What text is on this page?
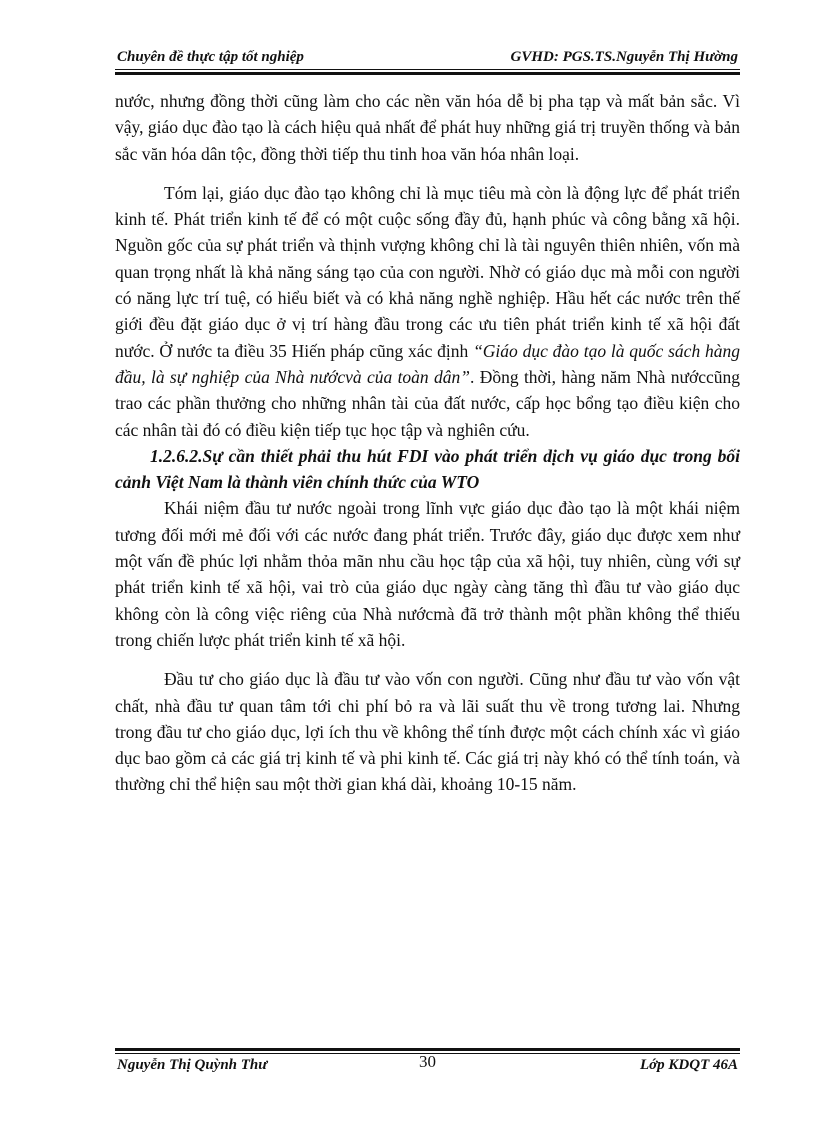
Chuyên đề thực tập tốt nghiệp	GVHD: PGS.TS.Nguyễn Thị Hường

nước, nhưng đồng thời cũng làm cho các nền văn hóa dễ bị pha tạp và mất bản sắc. Vì vậy, giáo dục đào tạo là cách hiệu quả nhất để phát huy những giá trị truyền thống và bản sắc văn hóa dân tộc, đồng thời tiếp thu tinh hoa văn hóa nhân loại.

Tóm lại, giáo dục đào tạo không chỉ là mục tiêu mà còn là động lực để phát triển kinh tế. Phát triển kinh tế để có một cuộc sống đầy đủ, hạnh phúc và công bằng xã hội. Nguồn gốc của sự phát triển và thịnh vượng không chỉ là tài nguyên thiên nhiên, vốn mà quan trọng nhất là khả năng sáng tạo của con người. Nhờ có giáo dục mà mỗi con người có năng lực trí tuệ, có hiểu biết và có khả năng nghề nghiệp. Hầu hết các nước trên thế giới đều đặt giáo dục ở vị trí hàng đầu trong các ưu tiên phát triển kinh tế xã hội đất nước. Ở nước ta điều 35 Hiến pháp cũng xác định “Giáo dục đào tạo là quốc sách hàng đầu, là sự nghiệp của Nhà nướcvà của toàn dân”. Đồng thời, hàng năm Nhà nướccũng trao các phần thưởng cho những nhân tài của đất nước, cấp học bổng tạo điều kiện cho các nhân tài đó có điều kiện tiếp tục học tập và nghiên cứu.

1.2.6.2.Sự cần thiết phải thu hút FDI vào phát triển dịch vụ giáo dục trong bối cảnh Việt Nam là thành viên chính thức của WTO

Khái niệm đầu tư nước ngoài trong lĩnh vực giáo dục đào tạo là một khái niệm tương đối mới mẻ đối với các nước đang phát triển. Trước đây, giáo dục được xem như một vấn đề phúc lợi nhằm thỏa mãn nhu cầu học tập của xã hội, tuy nhiên, cùng với sự phát triển kinh tế xã hội, vai trò của giáo dục ngày càng tăng thì đầu tư vào giáo dục không còn là công việc riêng của Nhà nướcmà đã trở thành một phần không thể thiếu trong chiến lược phát triển kinh tế xã hội.

Đầu tư cho giáo dục là đầu tư vào vốn con người. Cũng như đầu tư vào vốn vật chất, nhà đầu tư quan tâm tới chi phí bỏ ra và lãi suất thu về trong tương lai. Nhưng trong đầu tư cho giáo dục, lợi ích thu về không thể tính được một cách chính xác vì giáo dục bao gồm cả các giá trị kinh tế và phi kinh tế. Các giá trị này khó có thể tính toán, và thường chỉ thể hiện sau một thời gian khá dài, khoảng 10-15 năm.

Nguyễn Thị Quỳnh Thư	30	Lớp KDQT 46A
